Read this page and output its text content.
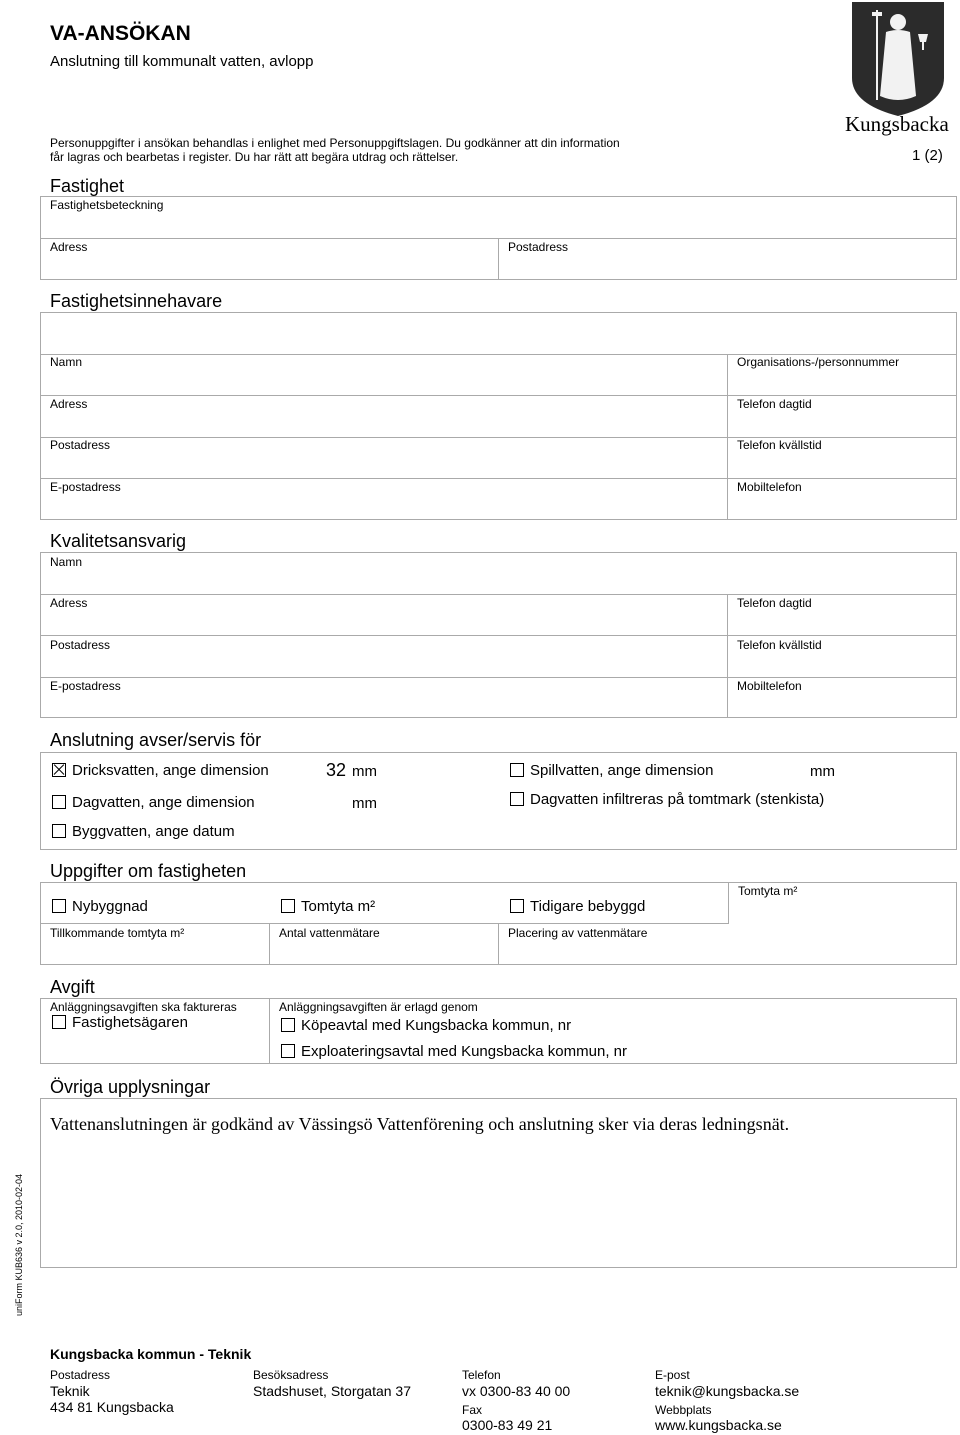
VA-ANSÖKAN
Anslutning till kommunalt vatten, avlopp
Personuppgifter i ansökan behandlas i enlighet med Personuppgiftslagen. Du godkänner att din information
får lagras och bearbetas i register. Du har rätt att begära utdrag och rättelser.	1 (2)
Kungsbacka
Fastighet
Fastighetsbeteckning
Adress	Postadress
Fastighetsinnehavare
Namn	Organisations-/personnummer
Adress	Telefon dagtid
Postadress	Telefon kvällstid
E-postadress	Mobiltelefon
Kvalitetsansvarig
Namn
Adress	Telefon dagtid
Postadress	Telefon kvällstid
E-postadress	Mobiltelefon
Anslutning avser/servis för
Dricksvatten, ange dimension	32 mm	Spillvatten, ange dimension	mm
Dagvatten, ange dimension	mm	Dagvatten infiltreras på tomtmark (stenkista)
Byggvatten, ange datum
Uppgifter om fastigheten
Nybyggnad	Tomtyta m²	Tidigare bebyggd
Tomtyta m²
Tillkommande tomtyta m²	Antal vattenmätare	Placering av vattenmätare
Avgift
Anläggningsavgiften ska faktureras
Fastighetsägaren
Anläggningsavgiften är erlagd genom
Köpeavtal med Kungsbacka kommun, nr
Exploateringsavtal med Kungsbacka kommun, nr
Övriga upplysningar
Vattenanslutningen är godkänd av Vässingsö Vattenförening och anslutning sker via deras ledningsnät.
uniForm KUB636 v 2.0, 2010-02-04
Kungsbacka kommun - Teknik
Postadress
Teknik
434 81 Kungsbacka
Besöksadress
Stadshuset, Storgatan 37
Telefon
vx 0300-83 40 00
Fax
0300-83 49 21
E-post
teknik@kungsbacka.se
Webbplats
www.kungsbacka.se
